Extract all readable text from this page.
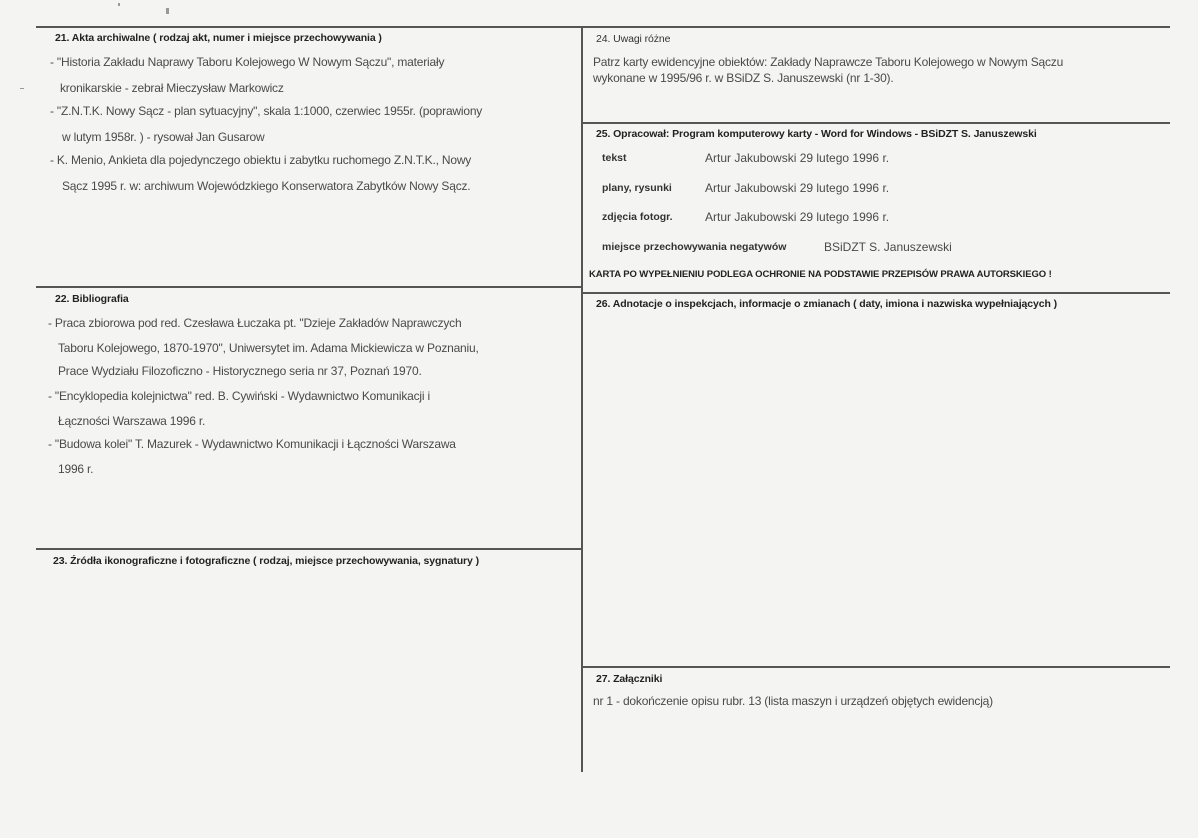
21. Akta archiwalne ( rodzaj akt, numer i miejsce przechowywania )
- "Historia Zakładu Naprawy Taboru Kolejowego W Nowym Sączu", materiały
kronikarskie - zebrał Mieczysław Markowicz
- "Z.N.T.K. Nowy Sącz - plan sytuacyjny", skala 1:1000, czerwiec 1955r. (poprawiony
w lutym 1958r. ) - rysował Jan Gusarow
- K. Menio, Ankieta dla pojedynczego obiektu i zabytku ruchomego Z.N.T.K., Nowy
Sącz 1995 r. w: archiwum Wojewódzkiego Konserwatora Zabytków Nowy Sącz.
22. Bibliografia
- Praca zbiorowa pod red. Czesława Łuczaka pt. "Dzieje Zakładów Naprawczych
Taboru Kolejowego, 1870-1970", Uniwersytet im. Adama Mickiewicza w Poznaniu,
Prace Wydziału Filozoficzno - Historycznego seria nr 37, Poznań 1970.
- "Encyklopedia kolejnictwa" red. B. Cywiński - Wydawnictwo Komunikacji i
Łączności Warszawa 1996 r.
- "Budowa kolei" T. Mazurek - Wydawnictwo Komunikacji i Łączności Warszawa
1996 r.
23. Źródła ikonograficzne i fotograficzne ( rodzaj, miejsce przechowywania, sygnatury )
24. Uwagi różne
Patrz karty ewidencyjne obiektów: Zakłady Naprawcze Taboru Kolejowego w Nowym Sączu
wykonane w 1995/96 r. w BSiDZ S. Januszewski (nr 1-30).
25. Opracował: Program komputerowy karty - Word for Windows - BSiDZT S. Januszewski
tekst	Artur Jakubowski 29 lutego 1996 r.
plany, rysunki	Artur Jakubowski 29 lutego 1996 r.
zdjęcia fotogr.	Artur Jakubowski 29 lutego 1996 r.
miejsce przechowywania negatywów	BSiDZT S. Januszewski
KARTA PO WYPEŁNIENIU PODLEGA OCHRONIE NA PODSTAWIE PRZEPISÓW PRAWA AUTORSKIEGO !
26. Adnotacje o inspekcjach, informacje o zmianach ( daty, imiona i nazwiska wypełniających )
27. Załączniki
nr 1 - dokończenie opisu rubr. 13 (lista maszyn i urządzeń objętych ewidencją)
